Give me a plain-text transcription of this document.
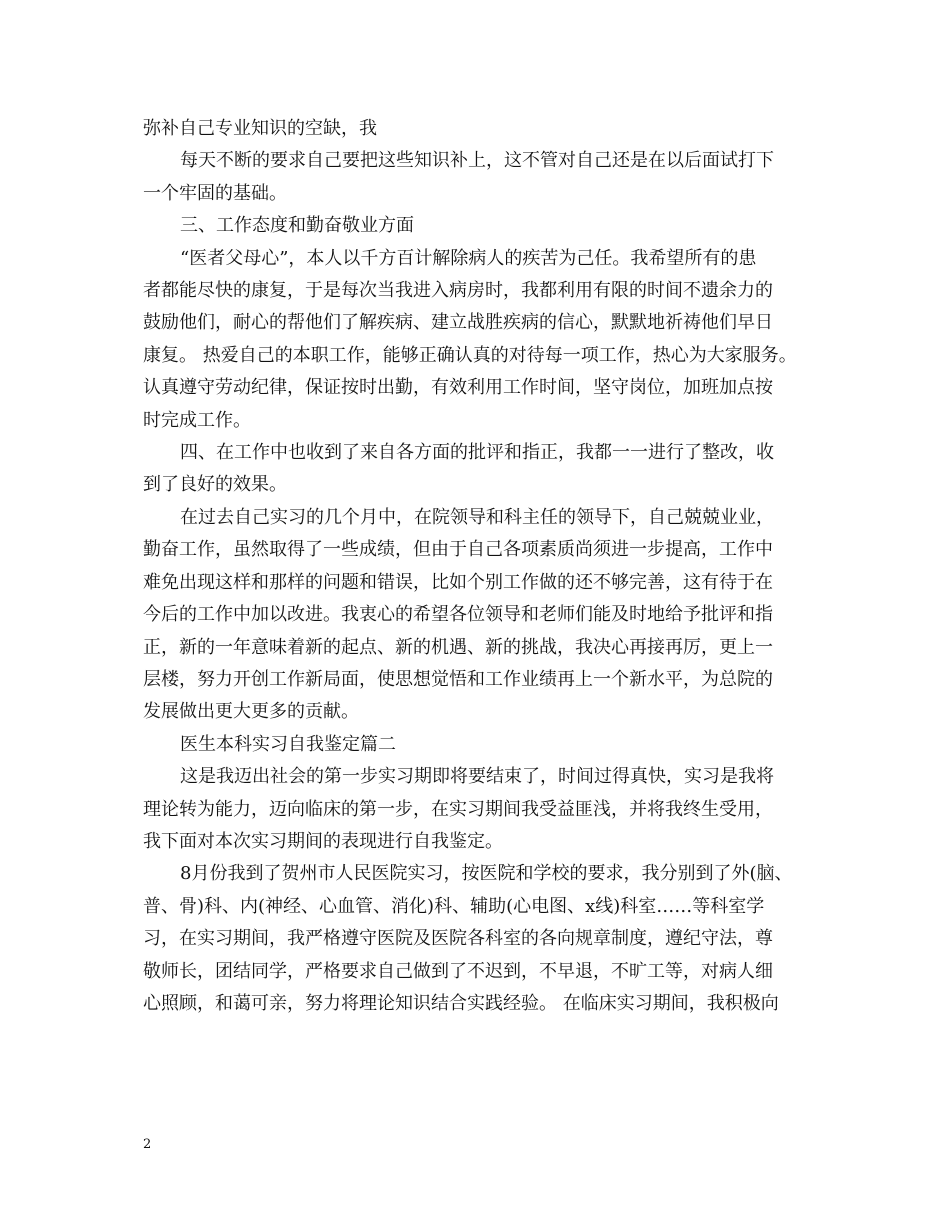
弥补自己专业知识的空缺，我
每天不断的要求自己要把这些知识补上，这不管对自己还是在以后面试打下
一个牢固的基础。
三、工作态度和勤奋敬业方面
“医者父母心”，本人以千方百计解除病人的疾苦为己任。我希望所有的患
者都能尽快的康复，于是每次当我进入病房时，我都利用有限的时间不遗余力的
鼓励他们，耐心的帮他们了解疾病、建立战胜疾病的信心，默默地祈祷他们早日
康复。 热爱自己的本职工作，能够正确认真的对待每一项工作，热心为大家服务。
认真遵守劳动纪律，保证按时出勤，有效利用工作时间，坚守岗位，加班加点按
时完成工作。
四、在工作中也收到了来自各方面的批评和指正，我都一一进行了整改，收
到了良好的效果。
在过去自己实习的几个月中，在院领导和科主任的领导下，自己兢兢业业，
勤奋工作，虽然取得了一些成绩，但由于自己各项素质尚须进一步提高，工作中
难免出现这样和那样的问题和错误，比如个别工作做的还不够完善，这有待于在
今后的工作中加以改进。我衷心的希望各位领导和老师们能及时地给予批评和指
正，新的一年意味着新的起点、新的机遇、新的挑战，我决心再接再厉，更上一
层楼，努力开创工作新局面，使思想觉悟和工作业绩再上一个新水平，为总院的
发展做出更大更多的贡献。
医生本科实习自我鉴定篇二
这是我迈出社会的第一步实习期即将要结束了，时间过得真快，实习是我将
理论转为能力，迈向临床的第一步，在实习期间我受益匪浅，并将我终生受用，
我下面对本次实习期间的表现进行自我鉴定。
8月份我到了贺州市人民医院实习，按医院和学校的要求，我分别到了外(脑、
普、骨)科、内(神经、心血管、消化)科、辅助(心电图、x线)科室……等科室学
习，在实习期间，我严格遵守医院及医院各科室的各向规章制度，遵纪守法，尊
敬师长，团结同学，严格要求自己做到了不迟到，不早退，不旷工等，对病人细
心照顾，和蔼可亲，努力将理论知识结合实践经验。 在临床实习期间，我积极向
2
